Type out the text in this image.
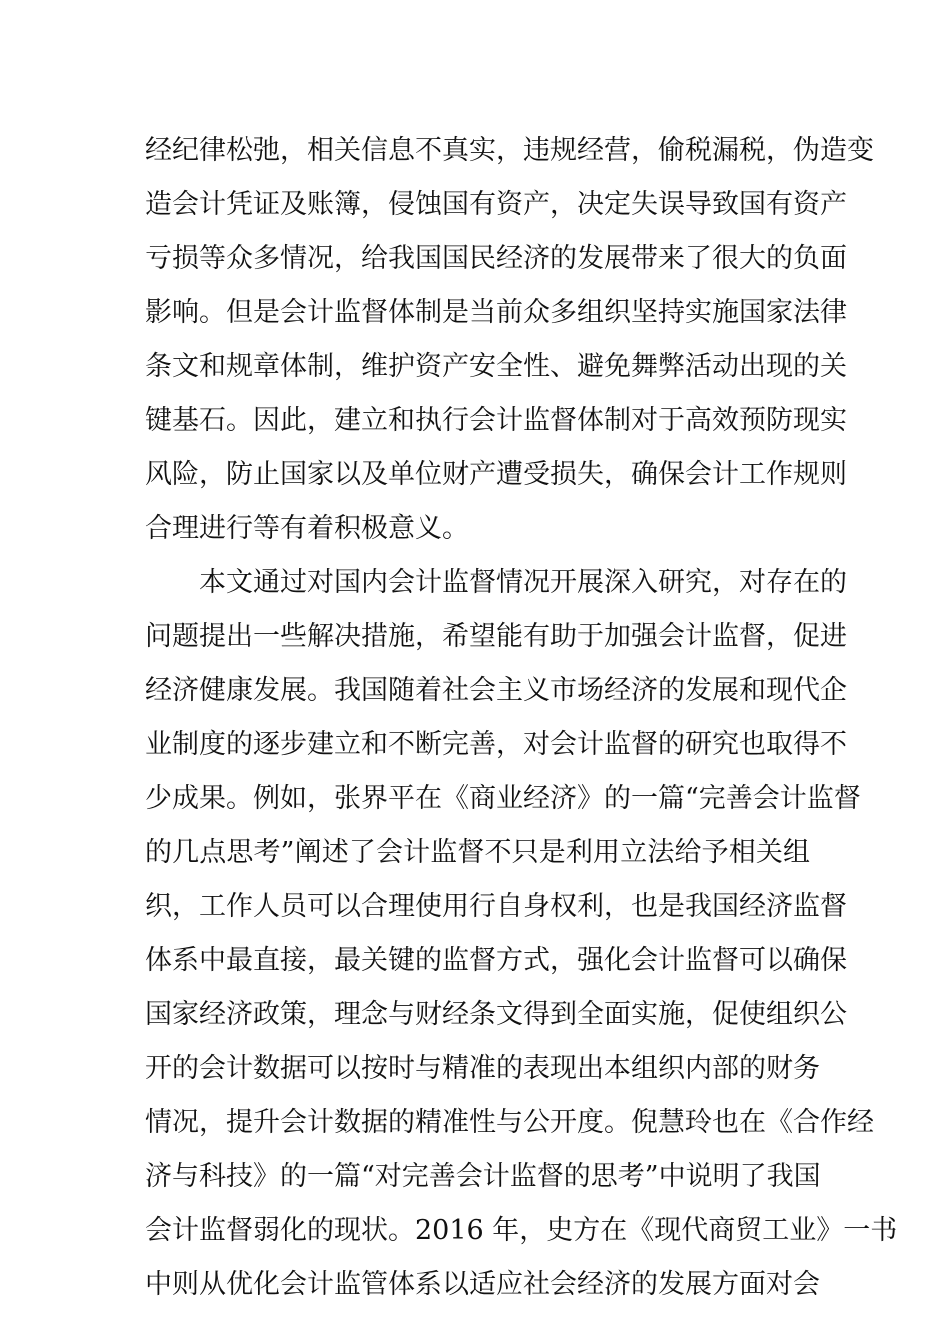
经纪律松弛，相关信息不真实，违规经营，偷税漏税，伪造变
造会计凭证及账簿，侵蚀国有资产，决定失误导致国有资产
亏损等众多情况，给我国国民经济的发展带来了很大的负面
影响。但是会计监督体制是当前众多组织坚持实施国家法律
条文和规章体制，维护资产安全性、避免舞弊活动出现的关
键基石。因此，建立和执行会计监督体制对于高效预防现实
风险，防止国家以及单位财产遭受损失，确保会计工作规则
合理进行等有着积极意义。
本文通过对国内会计监督情况开展深入研究，对存在的
问题提出一些解决措施，希望能有助于加强会计监督，促进
经济健康发展。我国随着社会主义市场经济的发展和现代企
业制度的逐步建立和不断完善，对会计监督的研究也取得不
少成果。例如，张界平在《商业经济》的一篇“完善会计监督
的几点思考”阐述了会计监督不只是利用立法给予相关组
织，工作人员可以合理使用行自身权利，也是我国经济监督
体系中最直接，最关键的监督方式，强化会计监督可以确保
国家经济政策，理念与财经条文得到全面实施，促使组织公
开的会计数据可以按时与精准的表现出本组织内部的财务
情况，提升会计数据的精准性与公开度。倪慧玲也在《合作经
济与科技》的一篇“对完善会计监督的思考”中说明了我国
会计监督弱化的现状。2016 年，史方在《现代商贸工业》一书
中则从优化会计监管体系以适应社会经济的发展方面对会
